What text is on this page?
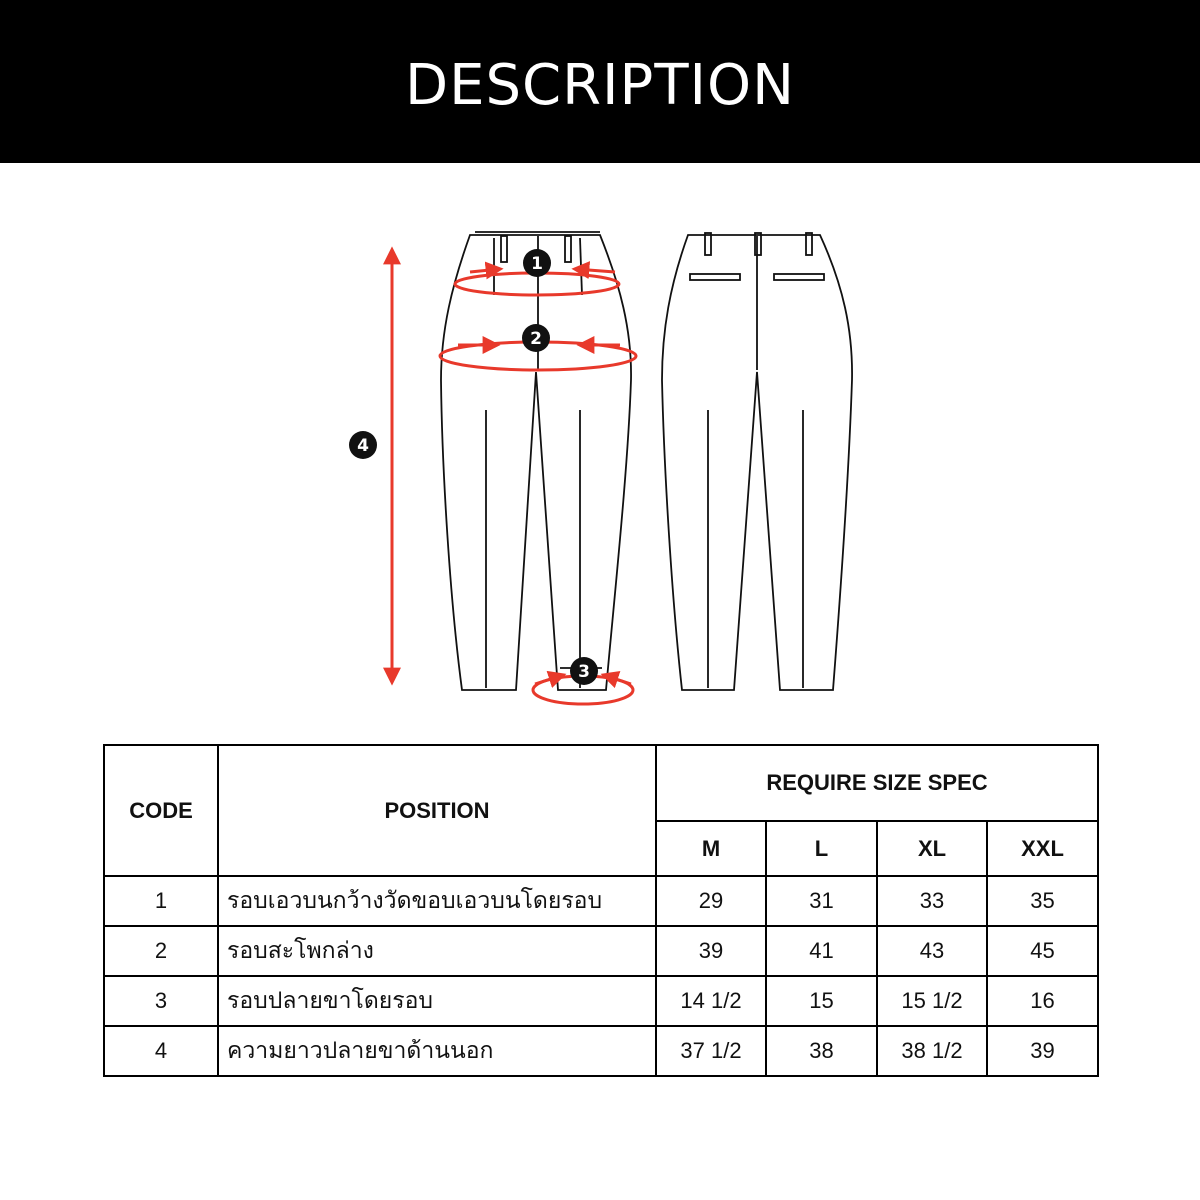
DESCRIPTION
1
2
3
4
CODE	POSITION	REQUIRE SIZE SPEC			
		M	L	XL	XXL
1	รอบเอวบนกว้างวัดขอบเอวบนโดยรอบ	29	31	33	35
2	รอบสะโพกล่าง	39	41	43	45
3	รอบปลายขาโดยรอบ	14 1/2	15	15 1/2	16
4	ความยาวปลายขาด้านนอก	37 1/2	38	38 1/2	39
